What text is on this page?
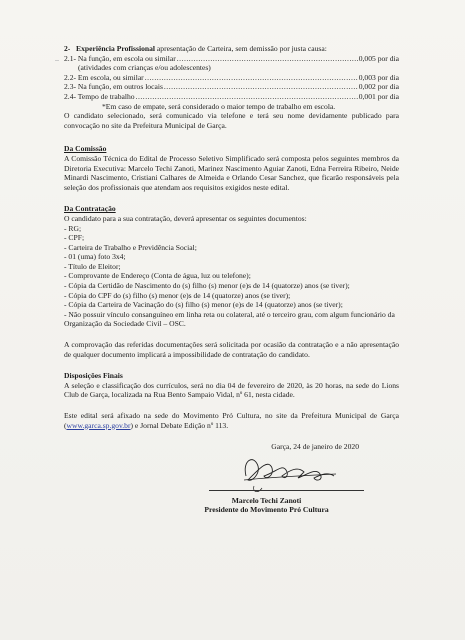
2- Experiência Profissional apresentação de Carteira, sem demissão por justa causa:
2.1- Na função, em escola ou similar .....	0,005 por dia
(atividades com crianças e/ou adolescentes)
2.2- Em escola, ou similar .....	0,003 por dia
2.3- Na função, em outros locais .....	0,002 por dia
2.4- Tempo de trabalho .....	0,001 por dia
*Em caso de empate, será considerado o maior tempo de trabalho em escola.
O candidato selecionado, será comunicado via telefone e terá seu nome devidamente publicado para convocação no site da Prefeitura Municipal de Garça.
Da Comissão
A Comissão Técnica do Edital de Processo Seletivo Simplificado será composta pelos seguintes membros da Diretoria Executiva: Marcelo Techi Zanoti, Marinez Nascimento Aguiar Zanoti, Edna Ferreira Ribeiro, Neide Minardi Nascimento, Cristiani Calhares de Almeida e Orlando Cesar Sanchez, que ficarão responsáveis pela seleção dos profissionais que atendam aos requisitos exigidos neste edital.
Da Contratação
O candidato para a sua contratação, deverá apresentar os seguintes documentos:
- RG;
- CPF;
- Carteira de Trabalho e Previdência Social;
- 01 (uma) foto 3x4;
- Título de Eleitor;
- Comprovante de Endereço (Conta de água, luz ou telefone);
- Cópia da Certidão de Nascimento do (s) filho (s) menor (e)s de 14 (quatorze) anos (se tiver);
- Cópia do CPF do (s) filho (s) menor (e)s de 14 (quatorze) anos (se tiver);
- Cópia da Carteira de Vacinação do (s) filho (s) menor (e)s de 14 (quatorze) anos (se tiver);
- Não possuir vínculo consanguíneo em linha reta ou colateral, até o terceiro grau, com algum funcionário da Organização da Sociedade Civil – OSC.
A comprovação das referidas documentações será solicitada por ocasião da contratação e a não apresentação de qualquer documento implicará a impossibilidade de contratação do candidato.
Disposições Finais
A seleção e classificação dos currículos, será no dia 04 de fevereiro de 2020, às 20 horas, na sede do Lions Club de Garça, localizada na Rua Bento Sampaio Vidal, nº 61, nesta cidade.
Este edital será afixado na sede do Movimento Pró Cultura, no site da Prefeitura Municipal de Garça (www.garca.sp.gov.br) e Jornal Debate Edição nº 113.
Garça, 24 de janeiro de 2020
Marcelo Techi Zanoti
Presidente do Movimento Pró Cultura
